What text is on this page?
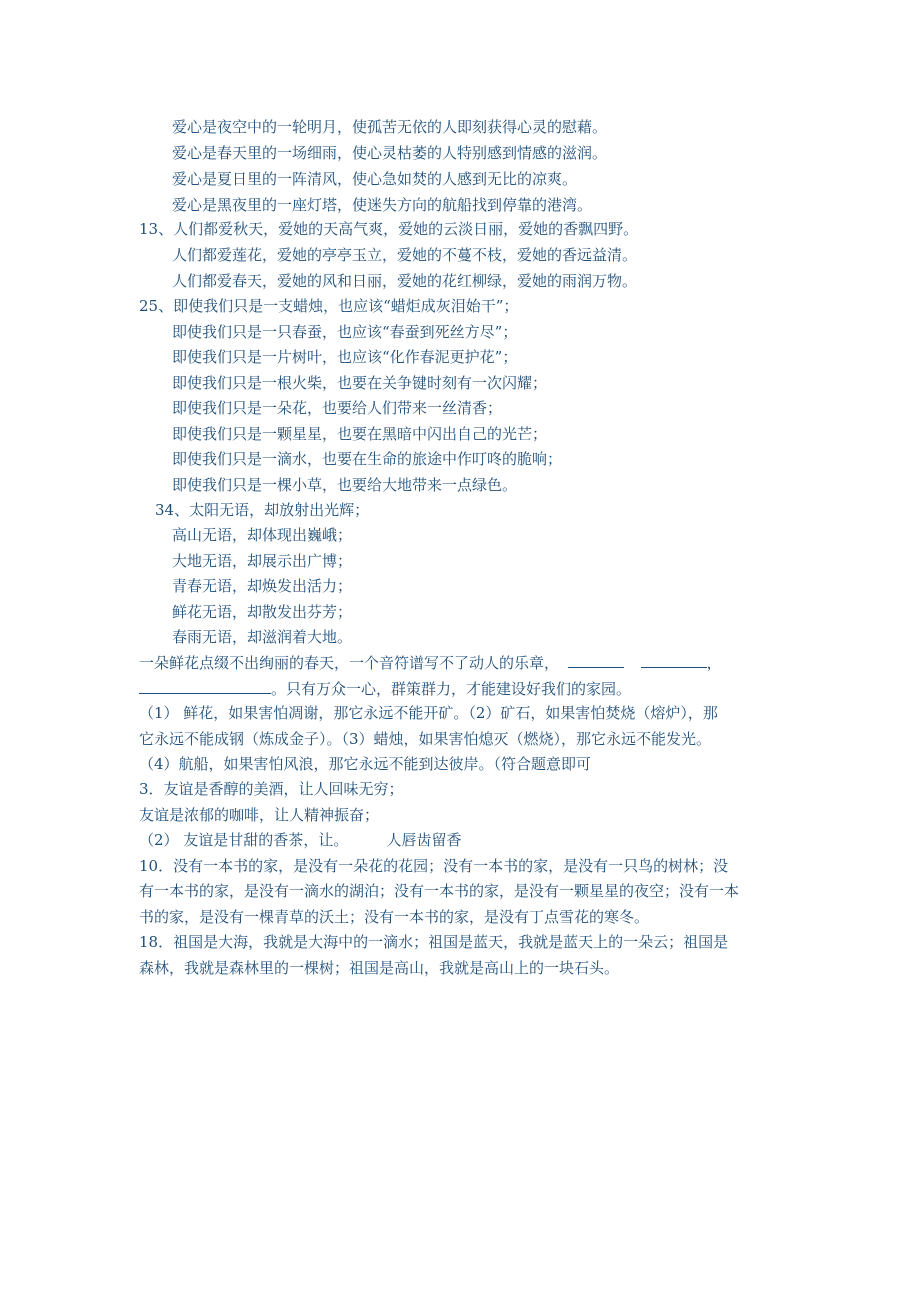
爱心是夜空中的一轮明月，使孤苦无依的人即刻获得心灵的慰藉。
爱心是春天里的一场细雨，使心灵枯萎的人特别感到情感的滋润。
爱心是夏日里的一阵清风，使心急如焚的人感到无比的凉爽。
爱心是黑夜里的一座灯塔，使迷失方向的航船找到停靠的港湾。
13、人们都爱秋天，爱她的天高气爽，爱她的云淡日丽，爱她的香飘四野。
人们都爱莲花，爱她的亭亭玉立，爱她的不蔓不枝，爱她的香远益清。
人们都爱春天，爱她的风和日丽，爱她的花红柳绿，爱她的雨润万物。
25、即使我们只是一支蜡烛，也应该“蜡炬成灰泪始干”；
即使我们只是一只春蚕，也应该“春蚕到死丝方尽”；
即使我们只是一片树叶，也应该“化作春泥更护花”；
即使我们只是一根火柴，也要在关争键时刻有一次闪耀；
即使我们只是一朵花，也要给人们带来一丝清香；
即使我们只是一颗星星，也要在黑暗中闪出自己的光芒；
即使我们只是一滴水，也要在生命的旅途中作叮咚的脆响；
即使我们只是一棵小草，也要给大地带来一点绿色。
34、太阳无语，却放射出光辉；
高山无语，却体现出巍峨；
大地无语，却展示出广博；
青春无语，却焕发出活力；
鲜花无语，却散发出芬芳；
春雨无语，却滋润着大地。
一朵鲜花点缀不出绚丽的春天，一个音符谱写不了动人的乐章，	，
。只有万众一心，群策群力，才能建设好我们的家园。
（1） 鲜花，如果害怕凋谢，那它永远不能开矿。（2）矿石，如果害怕焚烧（熔炉），那
它永远不能成钢（炼成金子）。（3）蜡烛，如果害怕熄灭（燃烧），那它永远不能发光。
（4）航船，如果害怕风浪，那它永远不能到达彼岸。（符合题意即可
3．友谊是香醇的美酒，让人回味无穷；
友谊是浓郁的咖啡，让人精神振奋；
（2） 友谊是甘甜的香茶，让。        人唇齿留香
10．没有一本书的家，是没有一朵花的花园；没有一本书的家，是没有一只鸟的树林；没
有一本书的家，是没有一滴水的湖泊；没有一本书的家，是没有一颗星星的夜空；没有一本
书的家，是没有一棵青草的沃土；没有一本书的家，是没有丁点雪花的寒冬。
18．祖国是大海，我就是大海中的一滴水；祖国是蓝天，我就是蓝天上的一朵云；祖国是
森林，我就是森林里的一棵树；祖国是高山，我就是高山上的一块石头。
